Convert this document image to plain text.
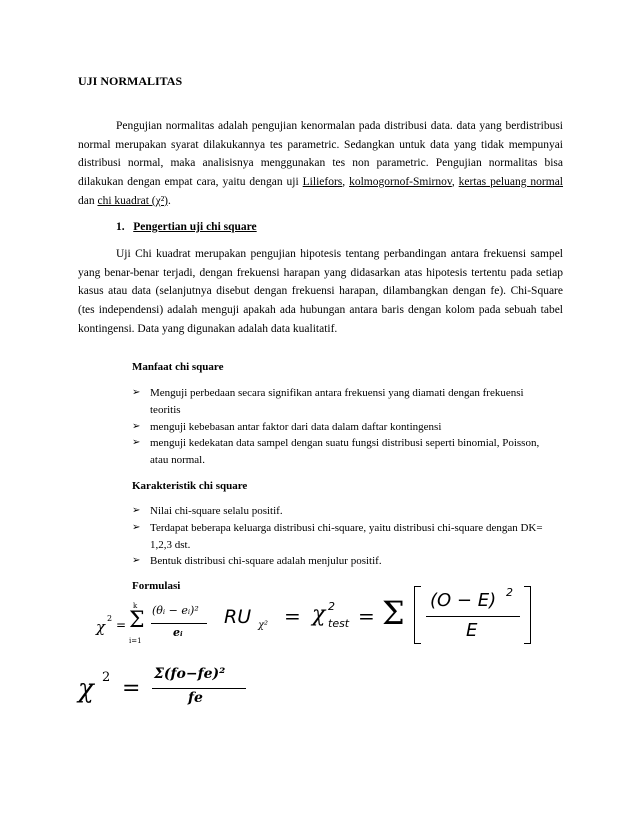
UJI NORMALITAS

Pengujian normalitas adalah pengujian kenormalan pada distribusi data. data yang berdistribusi normal merupakan syarat dilakukannya tes parametric. Sedangkan untuk data yang tidak mempunyai distribusi normal, maka analisisnya menggunakan tes non parametric. Pengujian normalitas bisa dilakukan dengan empat cara, yaitu dengan uji Liliefors, kolmogornof-Smirnov, kertas peluang normal dan chi kuadrat (χ²).

1. Pengertian uji chi square

Uji Chi kuadrat merupakan pengujian hipotesis tentang perbandingan antara frekuensi sampel yang benar-benar terjadi, dengan frekuensi harapan yang didasarkan atas hipotesis tertentu pada setiap kasus atau data (selanjutnya disebut dengan frekuensi harapan, dilambangkan dengan fe). Chi-Square (tes independensi) adalah menguji apakah ada hubungan antara baris dengan kolom pada sebuah tabel kontingensi. Data yang digunakan adalah data kualitatif.

Manfaat chi square
➢ Menguji perbedaan secara signifikan antara frekuensi yang diamati dengan frekuensi teoritis
➢ menguji kebebasan antar faktor dari data dalam daftar kontingensi
➢ menguji kedekatan data sampel dengan suatu fungsi distribusi seperti binomial, Poisson, atau normal.
Karakteristik chi square
➢ Nilai chi-square selalu positif.
➢ Terdapat beberapa keluarga distribusi chi-square, yaitu distribusi chi-square dengan DK= 1,2,3 dst.
➢ Bentuk distribusi chi-square adalah menjulur positif.
Formulasi
χ 2 =
k
Σ
i=1
(θᵢ − eᵢ)²
eᵢ
RU χ² = χ 2
test = Σ (O − E) 2
E
χ 2 =
Σ(fo−fe)²
fe
